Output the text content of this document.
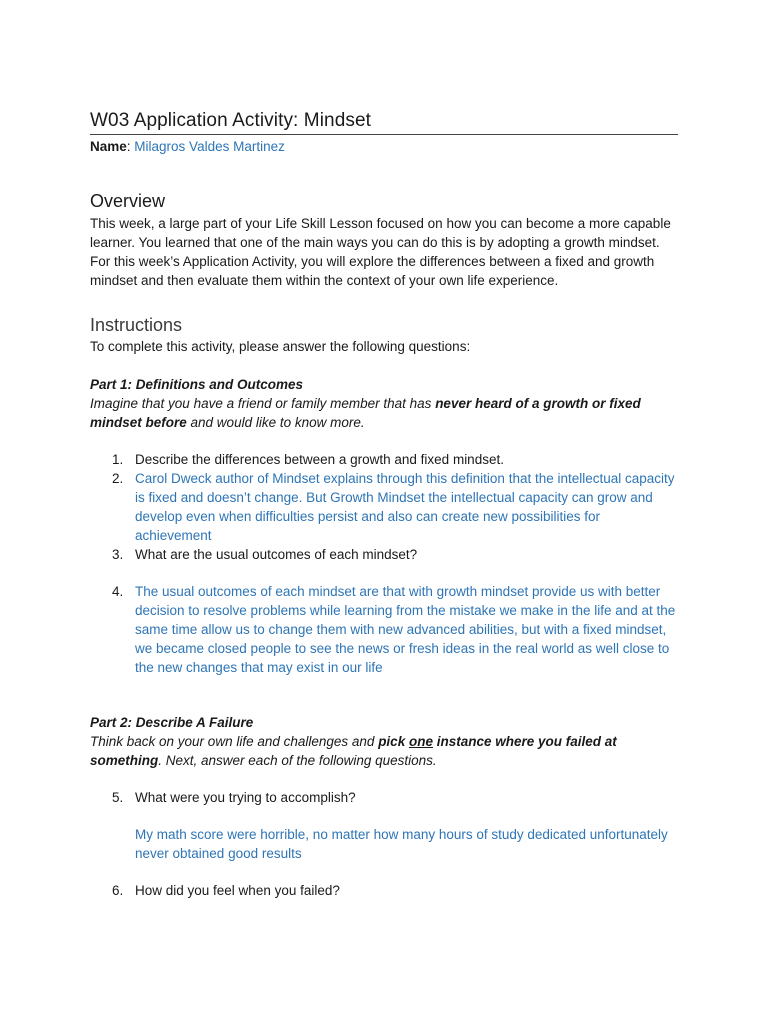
W03 Application Activity: Mindset
Name: Milagros Valdes Martinez
Overview

This week, a large part of your Life Skill Lesson focused on how you can become a more capable learner. You learned that one of the main ways you can do this is by adopting a growth mindset. For this week’s Application Activity, you will explore the differences between a fixed and growth mindset and then evaluate them within the context of your own life experience.

Instructions

To complete this activity, please answer the following questions:

Part 1: Definitions and Outcomes
Imagine that you have a friend or family member that has never heard of a growth or fixed mindset before and would like to know more.
1. Describe the differences between a growth and fixed mindset.
2. Carol Dweck author of Mindset explains through this definition that the intellectual capacity is fixed and doesn’t change. But Growth Mindset the intellectual capacity can grow and develop even when difficulties persist and also can create new possibilities for achievement
3. What are the usual outcomes of each mindset?
4. The usual outcomes of each mindset are that with growth mindset provide us with better decision to resolve problems while learning from the mistake we make in the life and at the same time allow us to change them with new advanced abilities, but with a fixed mindset, we became closed people to see the news or fresh ideas in the real world as well close to the new changes that may exist in our life
Part 2: Describe A Failure
Think back on your own life and challenges and pick one instance where you failed at something. Next, answer each of the following questions.
5. What were you trying to accomplish?
My math score were horrible, no matter how many hours of study dedicated unfortunately never obtained good results
6. How did you feel when you failed?
